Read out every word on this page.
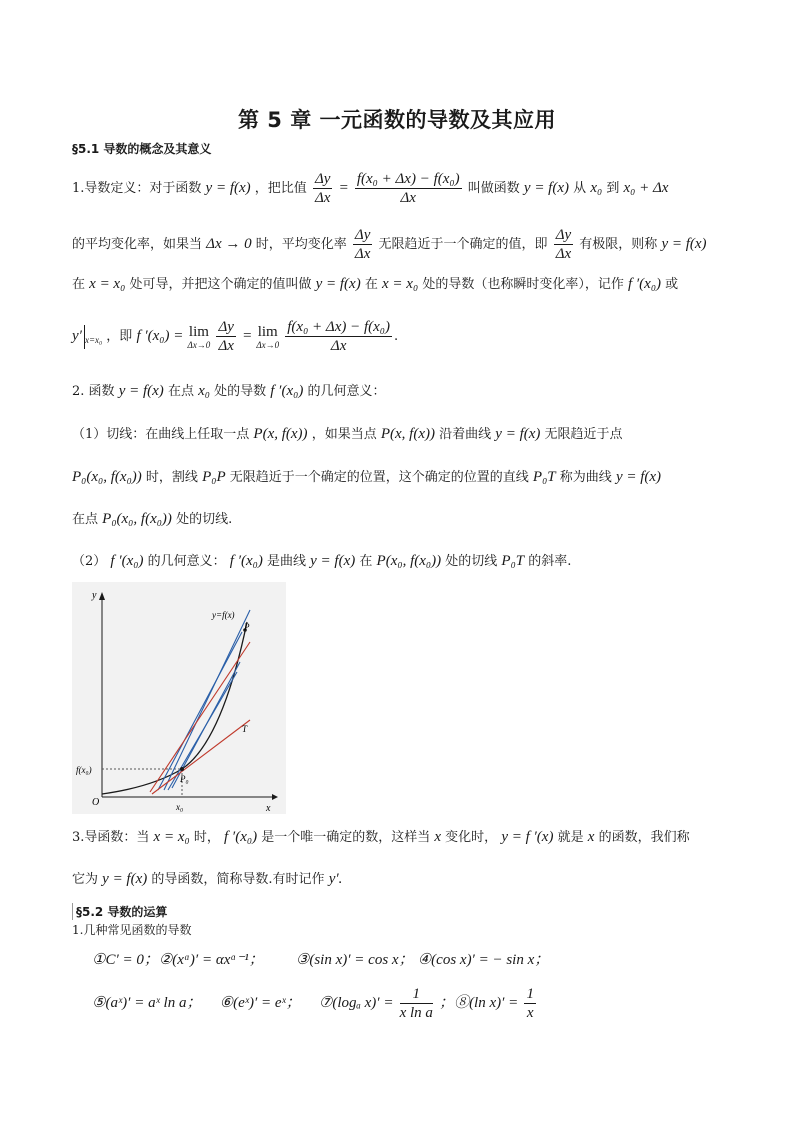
第 5 章 一元函数的导数及其应用
§5.1 导数的概念及其意义
1.导数定义：对于函数 y = f(x) ，把比值 $\frac{\Delta y}{\Delta x} = \frac{\text{f(x₀ + Δx) − f(x₀)}}{\Delta x}$ 叫做函数 y = f(x) 从 x₀ 到 x₀ + Δx
的平均变化率，如果当 Δx → 0 时，平均变化率 $\frac{\Delta y}{\Delta x}$ 无限趋近于一个确定的值，即 $\frac{\Delta y}{\Delta x}$ 有极限，则称 y = f(x)
在 x = x₀ 处可导，并把这个确定的值叫做 y = f(x) 在 x = x₀ 处的导数（也称瞬时变化率），记作 f ′(x₀) 或
y′ $_{x=x_0}$ ，即 f ′(x₀) = lim
Δx→0
$\frac{\Delta y}{\Delta x} = \lim$
Δx→0
$\frac{\text{f(x₀ + Δx) − f(x₀)}}{\Delta x}$ .
2. 函数 y = f(x) 在点 x₀ 处的导数 f ′(x₀) 的几何意义：
（1）切线：在曲线上任取一点 P(x, f(x)) ，如果当点 P(x, f(x)) 沿着曲线 y = f(x) 无限趋近于点
P₀(x₀, f(x₀)) 时，割线 P₀P 无限趋近于一个确定的位置，这个确定的位置的直线 P₀T 称为曲线 y = f(x)
在点 P₀(x₀, f(x₀)) 处的切线.
（2） f ′(x₀) 的几何意义： f ′(x₀) 是曲线 y = f(x) 在 P(x₀, f(x₀)) 处的切线 P₀T 的斜率.
y
x
O
f(x₀)
x₀
y=f(x)
P
T
P₀
3.导函数：当 x = x₀ 时， f ′(x₀) 是一个唯一确定的数，这样当 x 变化时， y = f ′(x) 就是 x 的函数，我们称
它为 y = f(x) 的导函数，简称导数.有时记作 y′.
§5.2 导数的运算
1.几种常见函数的导数
①C′ = 0；②(xᵅ)′ = αxᵅ⁻¹； ③(sin x)′ = cos x； ④(cos x)′ = − sin x；
⑤(aˣ)′ = aˣ ln a； ⑥(eˣ)′ = eˣ； ⑦(logₐ $x)' = \frac{1}{\text{x ln a}}$ ；⑧(ln $x)' = \frac{1}{x}$
